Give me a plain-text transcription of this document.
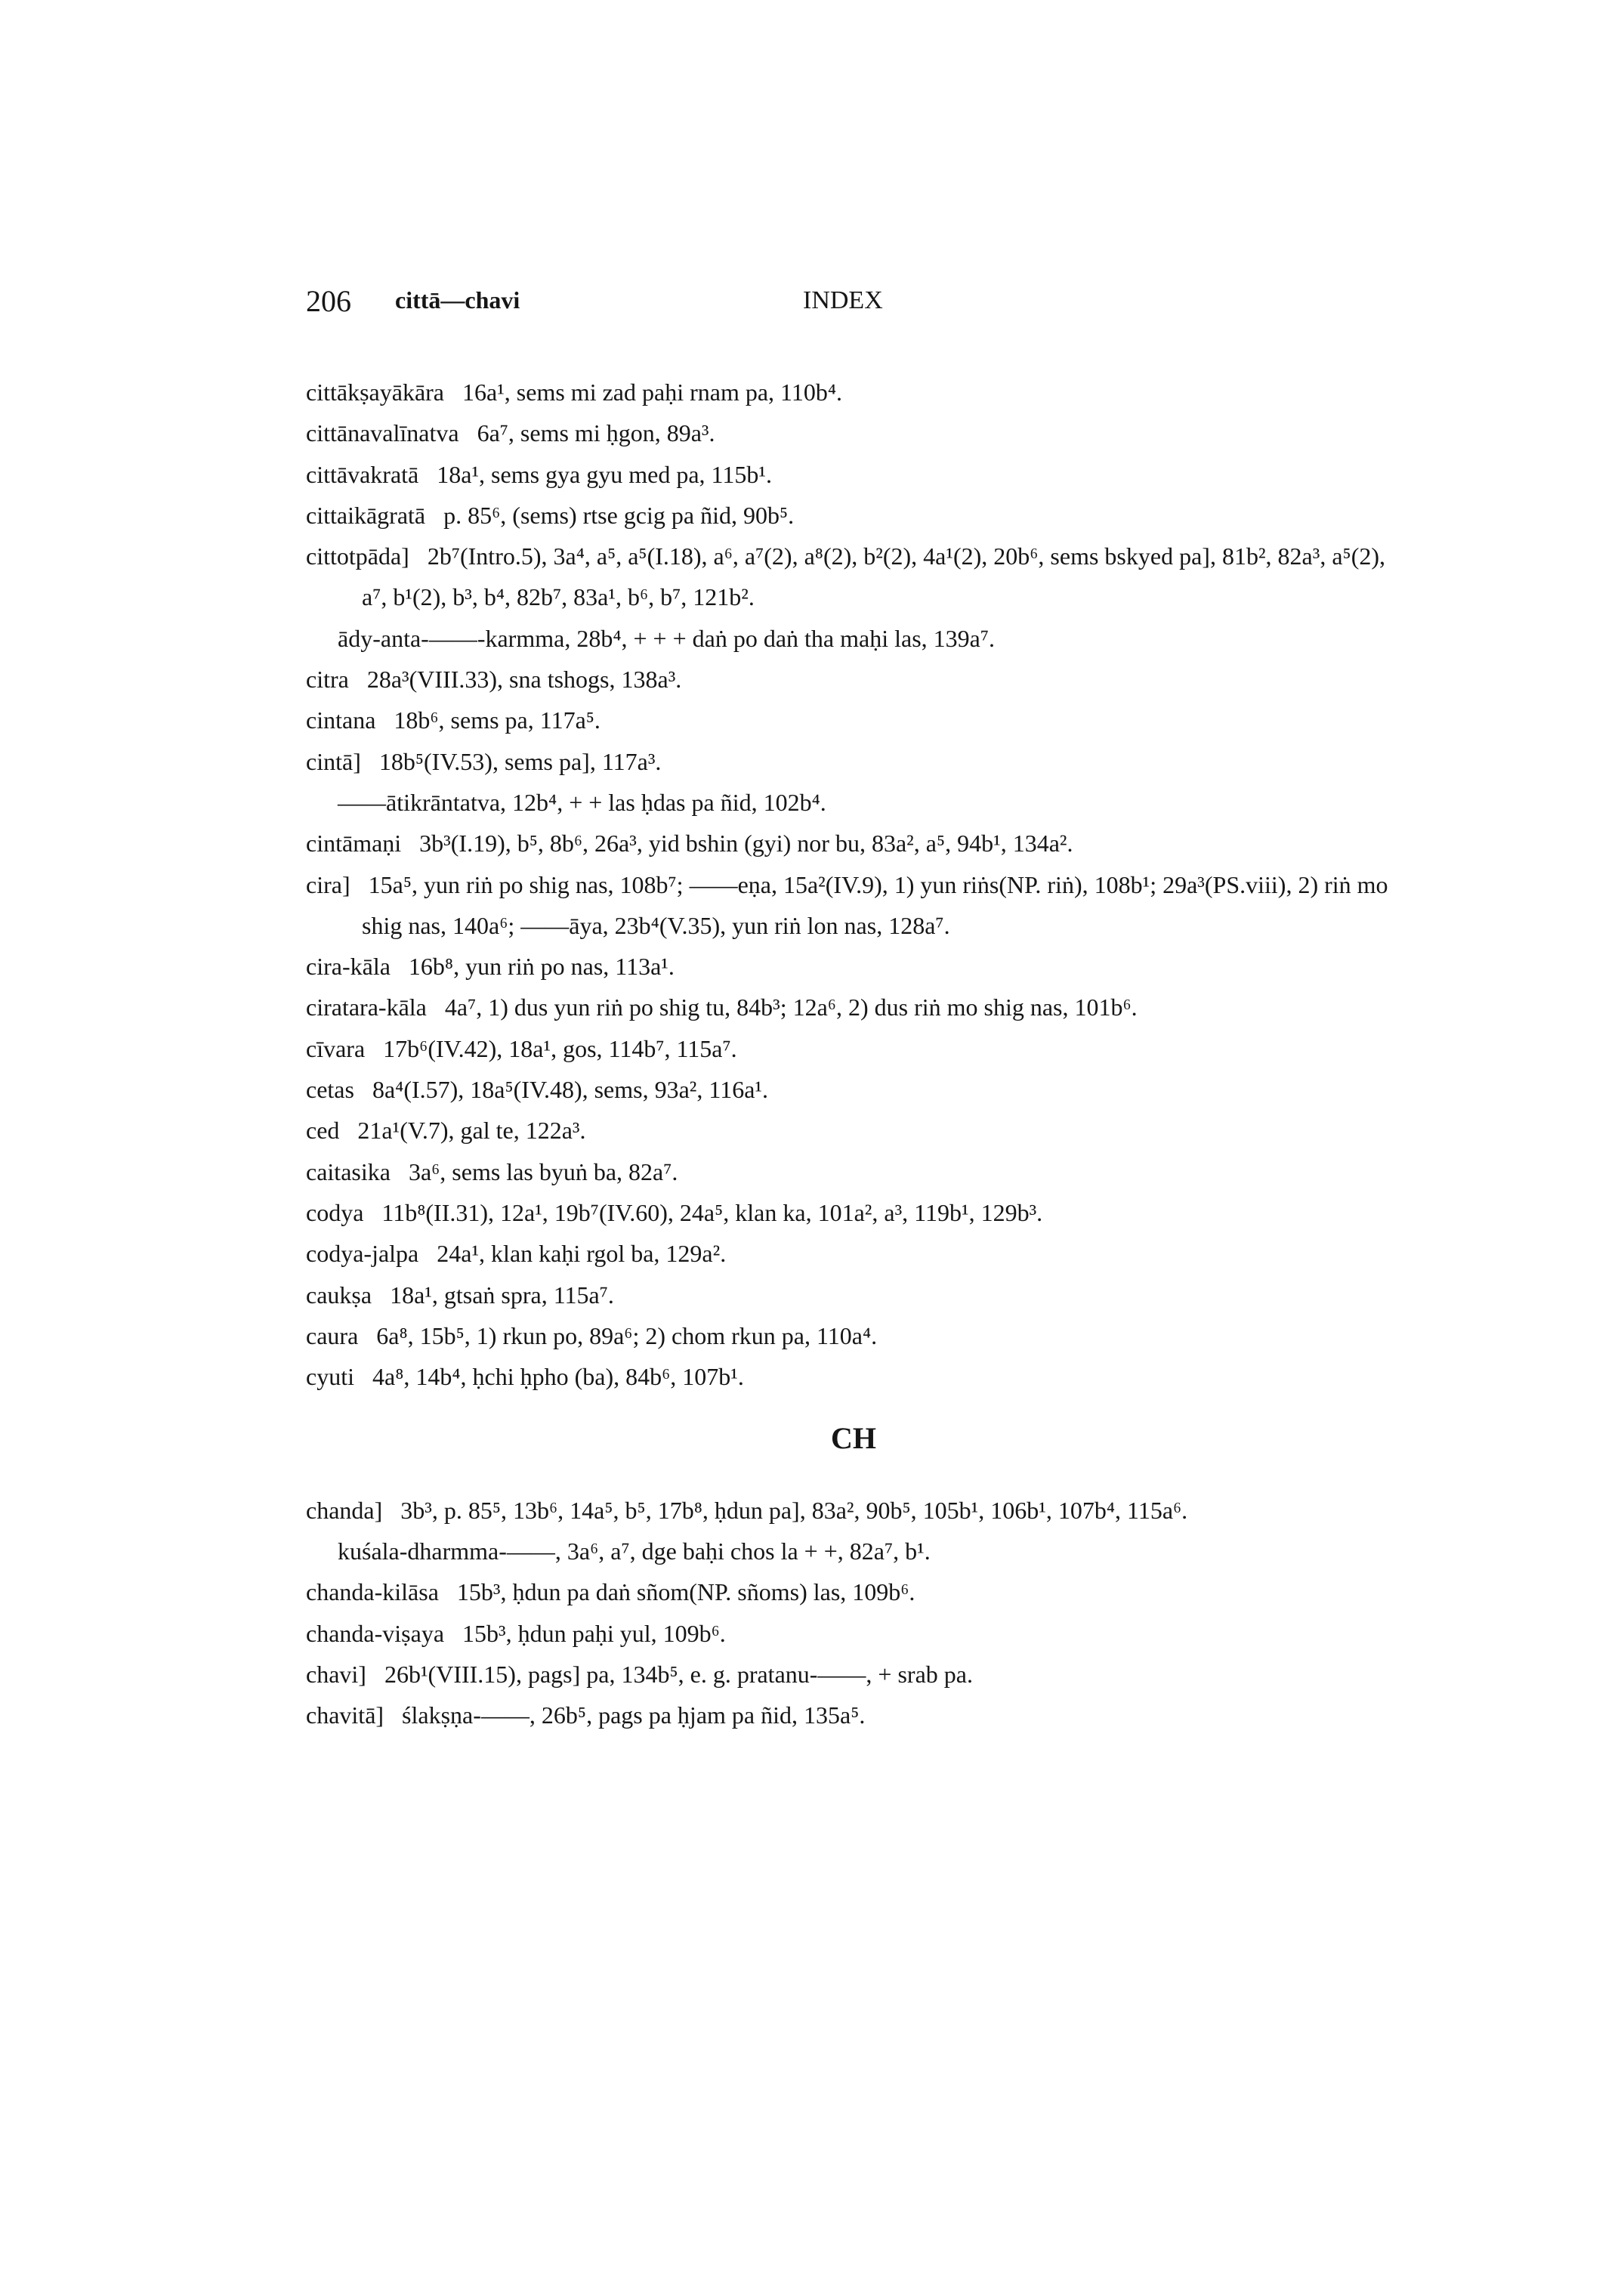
206 cittā—chavi	INDEX
cittākṣayākāra 16a¹, sems mi zad paḥi rnam pa, 110b⁴.
cittānavalīnatva 6a⁷, sems mi ḥgon, 89a³.
cittāvakratā 18a¹, sems gya gyu med pa, 115b¹.
cittaikāgratā p. 85⁶, (sems) rtse gcig pa ñid, 90b⁵.
cittotpāda] 2b⁷(Intro.5), 3a⁴, a⁵, a⁵(I.18), a⁶, a⁷(2), a⁸(2), b²(2), 4a¹(2), 20b⁶, sems bskyed pa], 81b², 82a³, a⁵(2), a⁷, b¹(2), b³, b⁴, 82b⁷, 83a¹, b⁶, b⁷, 121b².
ādy-anta-——-karmma, 28b⁴, + + + daṅ po daṅ tha maḥi las, 139a⁷.
citra 28a³(VIII.33), sna tshogs, 138a³.
cintana 18b⁶, sems pa, 117a⁵.
cintā] 18b⁵(IV.53), sems pa], 117a³.
——ātikrāntatva, 12b⁴, + + las ḥdas pa ñid, 102b⁴.
cintāmaṇi 3b³(I.19), b⁵, 8b⁶, 26a³, yid bshin (gyi) nor bu, 83a², a⁵, 94b¹, 134a².
cira] 15a⁵, yun riṅ po shig nas, 108b⁷; ——eṇa, 15a²(IV.9), 1) yun riṅs(NP. riṅ), 108b¹; 29a³(PS.viii), 2) riṅ mo shig nas, 140a⁶; ——āya, 23b⁴(V.35), yun riṅ lon nas, 128a⁷.
cira-kāla 16b⁸, yun riṅ po nas, 113a¹.
ciratara-kāla 4a⁷, 1) dus yun riṅ po shig tu, 84b³; 12a⁶, 2) dus riṅ mo shig nas, 101b⁶.
cīvara 17b⁶(IV.42), 18a¹, gos, 114b⁷, 115a⁷.
cetas 8a⁴(I.57), 18a⁵(IV.48), sems, 93a², 116a¹.
ced 21a¹(V.7), gal te, 122a³.
caitasika 3a⁶, sems las byuṅ ba, 82a⁷.
codya 11b⁸(II.31), 12a¹, 19b⁷(IV.60), 24a⁵, klan ka, 101a², a³, 119b¹, 129b³.
codya-jalpa 24a¹, klan kaḥi rgol ba, 129a².
caukṣa 18a¹, gtsaṅ spra, 115a⁷.
caura 6a⁸, 15b⁵, 1) rkun po, 89a⁶; 2) chom rkun pa, 110a⁴.
cyuti 4a⁸, 14b⁴, ḥchi ḥpho (ba), 84b⁶, 107b¹.
CH
chanda] 3b³, p. 85⁵, 13b⁶, 14a⁵, b⁵, 17b⁸, ḥdun pa], 83a², 90b⁵, 105b¹, 106b¹, 107b⁴, 115a⁶.
kuśala-dharmma-——, 3a⁶, a⁷, dge baḥi chos la + +, 82a⁷, b¹.
chanda-kilāsa 15b³, ḥdun pa daṅ sñom(NP. sñoms) las, 109b⁶.
chanda-viṣaya 15b³, ḥdun paḥi yul, 109b⁶.
chavi] 26b¹(VIII.15), pags] pa, 134b⁵, e. g. pratanu-——, + srab pa.
chavitā] ślakṣṇa-——, 26b⁵, pags pa ḥjam pa ñid, 135a⁵.
